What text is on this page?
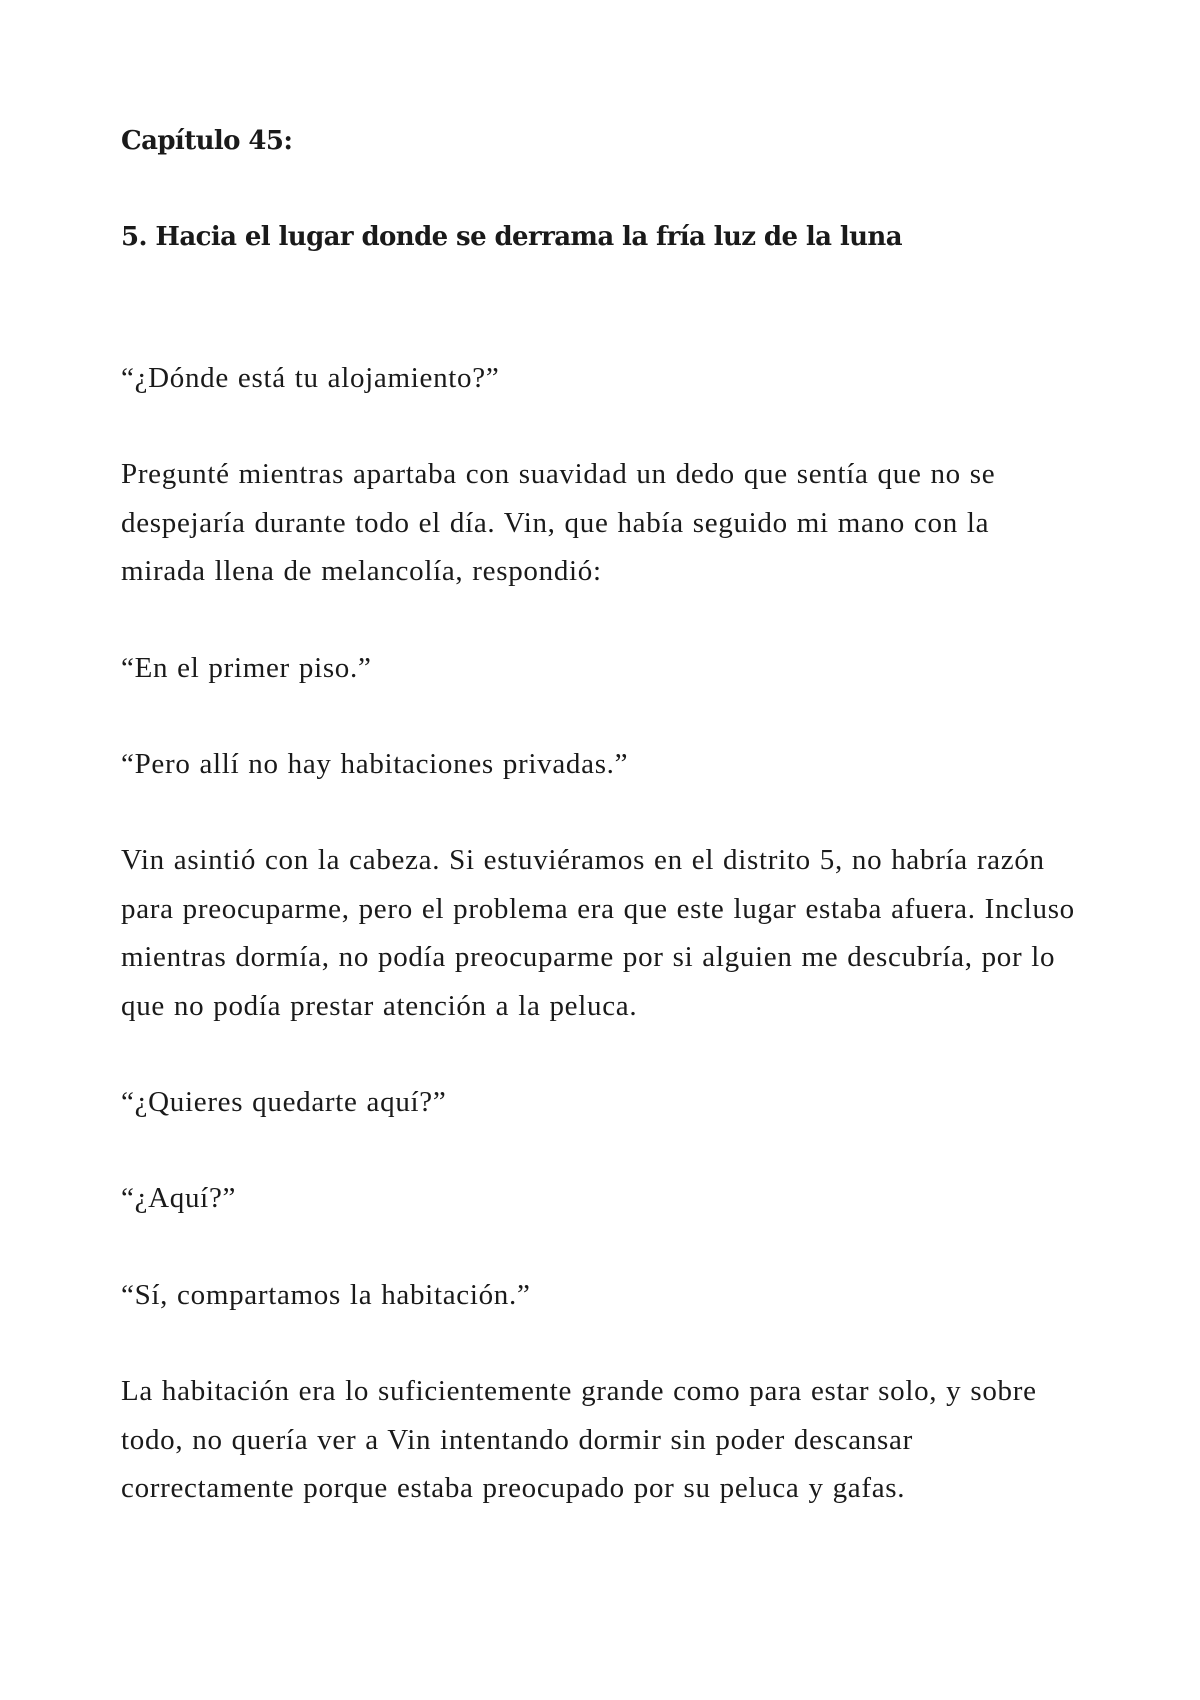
Capítulo 45:
5. Hacia el lugar donde se derrama la fría luz de la luna

“¿Dónde está tu alojamiento?”

Pregunté mientras apartaba con suavidad un dedo que sentía que no se despejaría durante todo el día. Vin, que había seguido mi mano con la mirada llena de melancolía, respondió:

“En el primer piso.”

“Pero allí no hay habitaciones privadas.”

Vin asintió con la cabeza. Si estuviéramos en el distrito 5, no habría razón para preocuparme, pero el problema era que este lugar estaba afuera. Incluso mientras dormía, no podía preocuparme por si alguien me descubría, por lo que no podía prestar atención a la peluca.

“¿Quieres quedarte aquí?”

“¿Aquí?”

“Sí, compartamos la habitación.”

La habitación era lo suficientemente grande como para estar solo, y sobre todo, no quería ver a Vin intentando dormir sin poder descansar correctamente porque estaba preocupado por su peluca y gafas.
